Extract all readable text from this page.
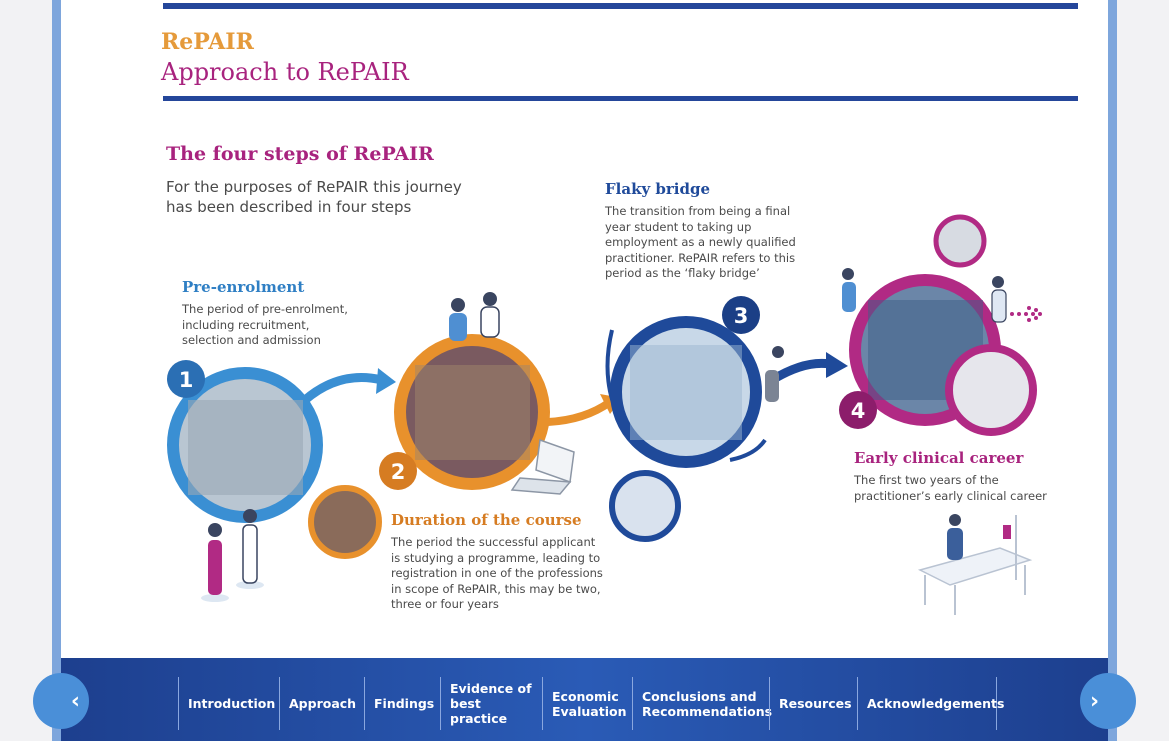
RePAIR
Approach to RePAIR
The four steps of RePAIR
For the purposes of RePAIR this journey
has been described in four steps
1
2
3
4
Pre-enrolment
The period of pre-enrolment,
including recruitment,
selection and admission
Duration of the course
The period the successful applicant
is studying a programme, leading to
registration in one of the professions
in scope of RePAIR, this may be two,
three or four years
Flaky bridge
The transition from being a final
year student to taking up
employment as a newly qualified
practitioner. RePAIR refers to this
period as the ‘flaky bridge’
Early clinical career
The first two years of the
practitioner’s early clinical career
‹	›
Introduction Approach Findings
Evidence of
best practice
Economic
Evaluation
Conclusions and
Recommendations Resources Acknowledgements
